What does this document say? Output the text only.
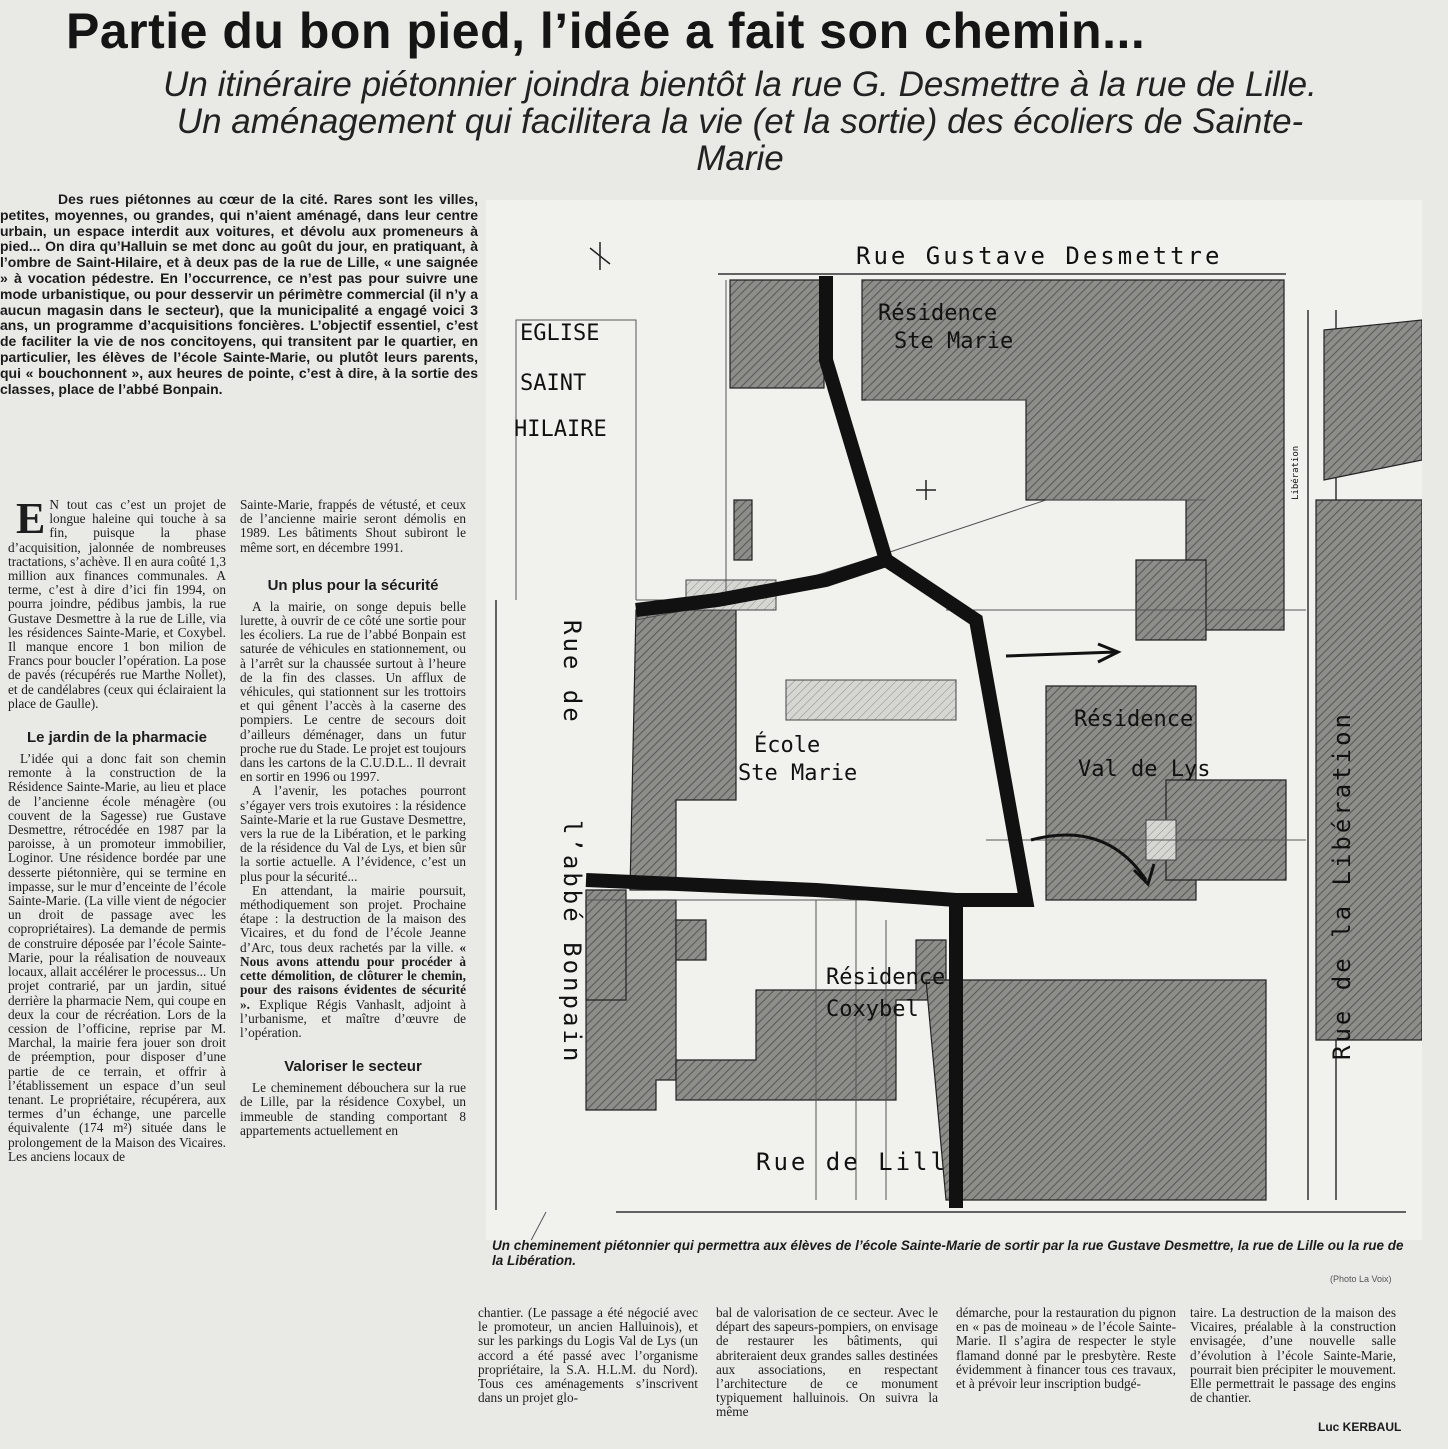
Partie du bon pied, l’idée a fait son chemin...
Un itinéraire piétonnier joindra bientôt la rue G. Desmettre à la rue de Lille. Un aménagement qui facilitera la vie (et la sortie) des écoliers de Sainte-Marie

Des rues piétonnes au cœur de la cité. Rares sont les villes, petites, moyennes, ou grandes, qui n’aient aménagé, dans leur centre urbain, un espace interdit aux voitures, et dévolu aux promeneurs à pied... On dira qu’Halluin se met donc au goût du jour, en pratiquant, à l’ombre de Saint-Hilaire, et à deux pas de la rue de Lille, « une saignée » à vocation pédestre. En l’occurrence, ce n’est pas pour suivre une mode urbanistique, ou pour desservir un périmètre commercial (il n’y a aucun magasin dans le secteur), que la municipalité a engagé voici 3 ans, un programme d’acquisitions foncières. L’objectif essentiel, c’est de faciliter la vie de nos concitoyens, qui transitent par le quartier, en particulier, les élèves de l’école Sainte-Marie, ou plutôt leurs parents, qui « bouchonnent », aux heures de pointe, c’est à dire, à la sortie des classes, place de l’abbé Bonpain.

E N tout cas c’est un projet de longue haleine qui touche à sa fin, puisque la phase d’acquisition, jalonnée de nombreuses tractations, s’achève. Il en aura coûté 1,3 million aux finances communales. A terme, c’est à dire d’ici fin 1994, on pourra joindre, pédibus jambis, la rue Gustave Desmettre à la rue de Lille, via les résidences Sainte-Marie, et Coxybel. Il manque encore 1 bon milion de Francs pour boucler l’opération. La pose de pavés (récupérés rue Marthe Nollet), et de candélabres (ceux qui éclairaient la place de Gaulle).

Le jardin de la pharmacie

L’idée qui a donc fait son chemin remonte à la construction de la Résidence Sainte-Marie, au lieu et place de l’ancienne école ménagère (ou couvent de la Sagesse) rue Gustave Desmettre, rétrocédée en 1987 par la paroisse, à un promoteur immobilier, Loginor. Une résidence bordée par une desserte piétonnière, qui se termine en impasse, sur le mur d’enceinte de l’école Sainte-Marie. (La ville vient de négocier un droit de passage avec les copropriétaires). La demande de permis de construire déposée par l’école Sainte-Marie, pour la réalisation de nouveaux locaux, allait accélérer le processus... Un projet contrarié, par un jardin, situé derrière la pharmacie Nem, qui coupe en deux la cour de récréation. Lors de la cession de l’officine, reprise par M. Marchal, la mairie fera jouer son droit de préemption, pour disposer d’une partie de ce terrain, et offrir à l’établissement un espace d’un seul tenant. Le propriétaire, récupérera, aux termes d’un échange, une parcelle équivalente (174 m²) située dans le prolongement de la Maison des Vicaires. Les anciens locaux de

Sainte-Marie, frappés de vétusté, et ceux de l’ancienne mairie seront démolis en 1989. Les bâtiments Shout subiront le même sort, en décembre 1991.

Un plus pour la sécurité

A la mairie, on songe depuis belle lurette, à ouvrir de ce côté une sortie pour les écoliers. La rue de l’abbé Bonpain est saturée de véhicules en stationnement, ou à l’arrêt sur la chaussée surtout à l’heure de la fin des classes. Un afflux de véhicules, qui stationnent sur les trottoirs et qui gênent l’accès à la caserne des pompiers. Le centre de secours doit d’ailleurs déménager, dans un futur proche rue du Stade. Le projet est toujours dans les cartons de la C.U.D.L.. Il devrait en sortir en 1996 ou 1997.

A l’avenir, les potaches pourront s’égayer vers trois exutoires : la résidence Sainte-Marie et la rue Gustave Desmettre, vers la rue de la Libération, et le parking de la résidence du Val de Lys, et bien sûr la sortie actuelle. A l’évidence, c’est un plus pour la sécurité...

En attendant, la mairie poursuit, méthodiquement son projet. Prochaine étape : la destruction de la maison des Vicaires, et du fond de l’école Jeanne d’Arc, tous deux rachetés par la ville. « Nous avons attendu pour procéder à cette démolition, de clôturer le chemin, pour des raisons évidentes de sécurité ». Explique Régis Vanhaslt, adjoint à l’urbanisme, et maître d’œuvre de l’opération.

Valoriser le secteur

Le cheminement débouchera sur la rue de Lille, par la résidence Coxybel, un immeuble de standing comportant 8 appartements actuellement en

EGLISE
SAINT
HILAIRE
Rue Gustave Desmettre
Rue de Lille
Rue de
l’abbé Bonpain	Rue de la Libération
Libération
Résidence
Ste Marie
École
Ste Marie
Résidence
Val de Lys
Résidence
Coxybel
Un cheminement piétonnier qui permettra aux élèves de l’école Sainte-Marie de sortir par la rue Gustave Desmettre, la rue de Lille ou la rue de la Libération.
(Photo La Voix)
chantier. (Le passage a été négocié avec le promoteur, un ancien Halluinois), et sur les parkings du Logis Val de Lys (un accord a été passé avec l’organisme propriétaire, la S.A. H.L.M. du Nord). Tous ces aménagements s’inscrivent dans un projet glo-
bal de valorisation de ce secteur. Avec le départ des sapeurs-pompiers, on envisage de restaurer les bâtiments, qui abriteraient deux grandes salles destinées aux associations, en respectant l’architecture de ce monument typiquement halluinois. On suivra la même
démarche, pour la restauration du pignon en « pas de moineau » de l’école Sainte-Marie. Il s’agira de respecter le style flamand donné par le presbytère. Reste évidemment à financer tous ces travaux, et à prévoir leur inscription budgé-
taire. La destruction de la maison des Vicaires, préalable à la construction envisagée, d’une nouvelle salle d’évolution à l’école Sainte-Marie, pourrait bien précipiter le mouvement. Elle permettrait le passage des engins de chantier.
Luc KERBAUL
